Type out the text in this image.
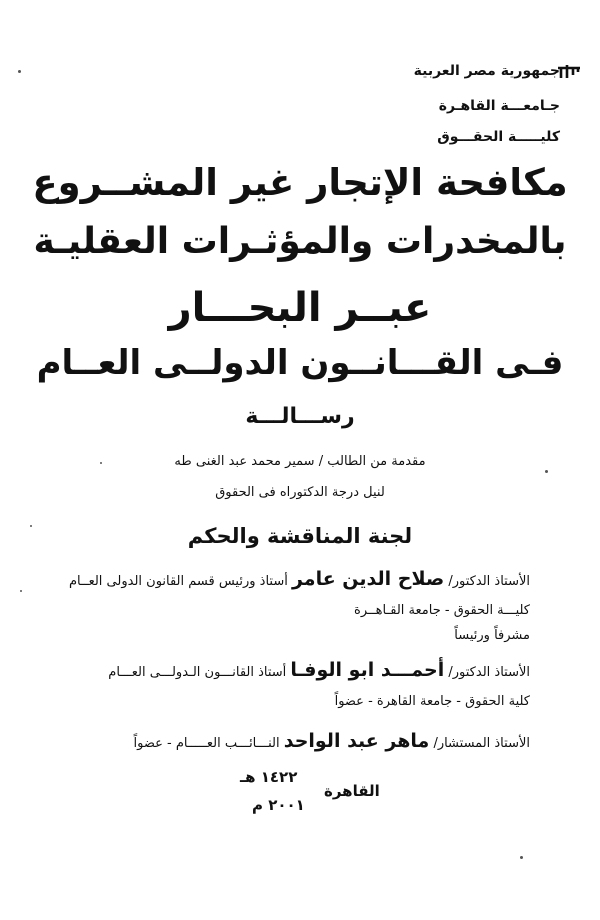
جمهورية مصر العربية
جـامعـــة القاهـرة
كليـــــة الحقـــوق
مكافحة الإتجار غير المشــروع
بالمخدرات والمؤثـرات العقليـة
عبــر البحـــار
فـى القـــانــون الدولــى العــام
رســـالـــة
مقدمة من الطالب / سمير محمد عبد الغنى طه
لنيل درجة الدكتوراه فى الحقوق
لجنة المناقشة والحكم
الأستاذ الدكتور/ صلاح الدين عامر أستاذ ورئيس قسم القانون الدولى العــام
كليـــة الحقوق - جامعة القـاهــرة
مشرفاً ورئيساً
الأستاذ الدكتور/ أحمـــد ابو الوفـا أستاذ القانـــون الـدولـــى العـــام
كلية الحقوق - جامعة القاهرة - عضواً
الأستاذ المستشار/ ماهر عبد الواحد النـــائـــب العـــــام - عضواً
١٤٢٢ هـ
القاهرة
٢٠٠١ م
